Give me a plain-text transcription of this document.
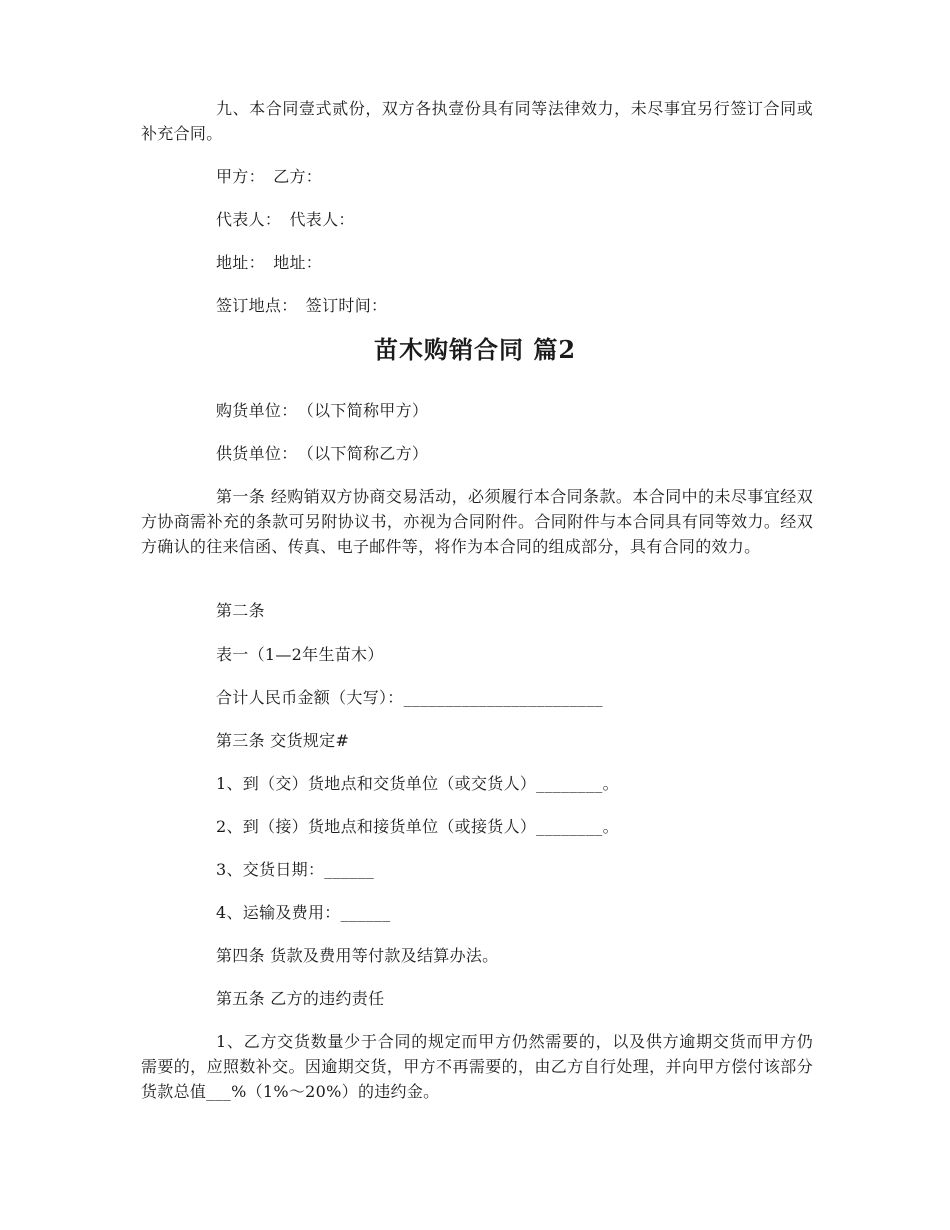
九、本合同壹式贰份，双方各执壹份具有同等法律效力，未尽事宜另行签订合同或补充合同。

甲方：　乙方：

代表人：　代表人：

地址：　地址：

签订地点：　签订时间：

苗木购销合同 篇2

购货单位：　（以下简称甲方）

供货单位：　（以下简称乙方）

第一条 经购销双方协商交易活动，必须履行本合同条款。本合同中的未尽事宜经双方协商需补充的条款可另附协议书，亦视为合同附件。合同附件与本合同具有同等效力。经双方确认的往来信函、传真、电子邮件等，将作为本合同的组成部分，具有合同的效力。

第二条

表一（1—2年生苗木）

合计人民币金额（大写）：________________________

第三条 交货规定#

1、到（交）货地点和交货单位（或交货人）________。

2、到（接）货地点和接货单位（或接货人）________。

3、交货日期：______

4、运输及费用：______

第四条 货款及费用等付款及结算办法。

第五条 乙方的违约责任

1、乙方交货数量少于合同的规定而甲方仍然需要的，以及供方逾期交货而甲方仍需要的，应照数补交。因逾期交货，甲方不再需要的，由乙方自行处理，并向甲方偿付该部分货款总值___%（1%～20%）的违约金。
